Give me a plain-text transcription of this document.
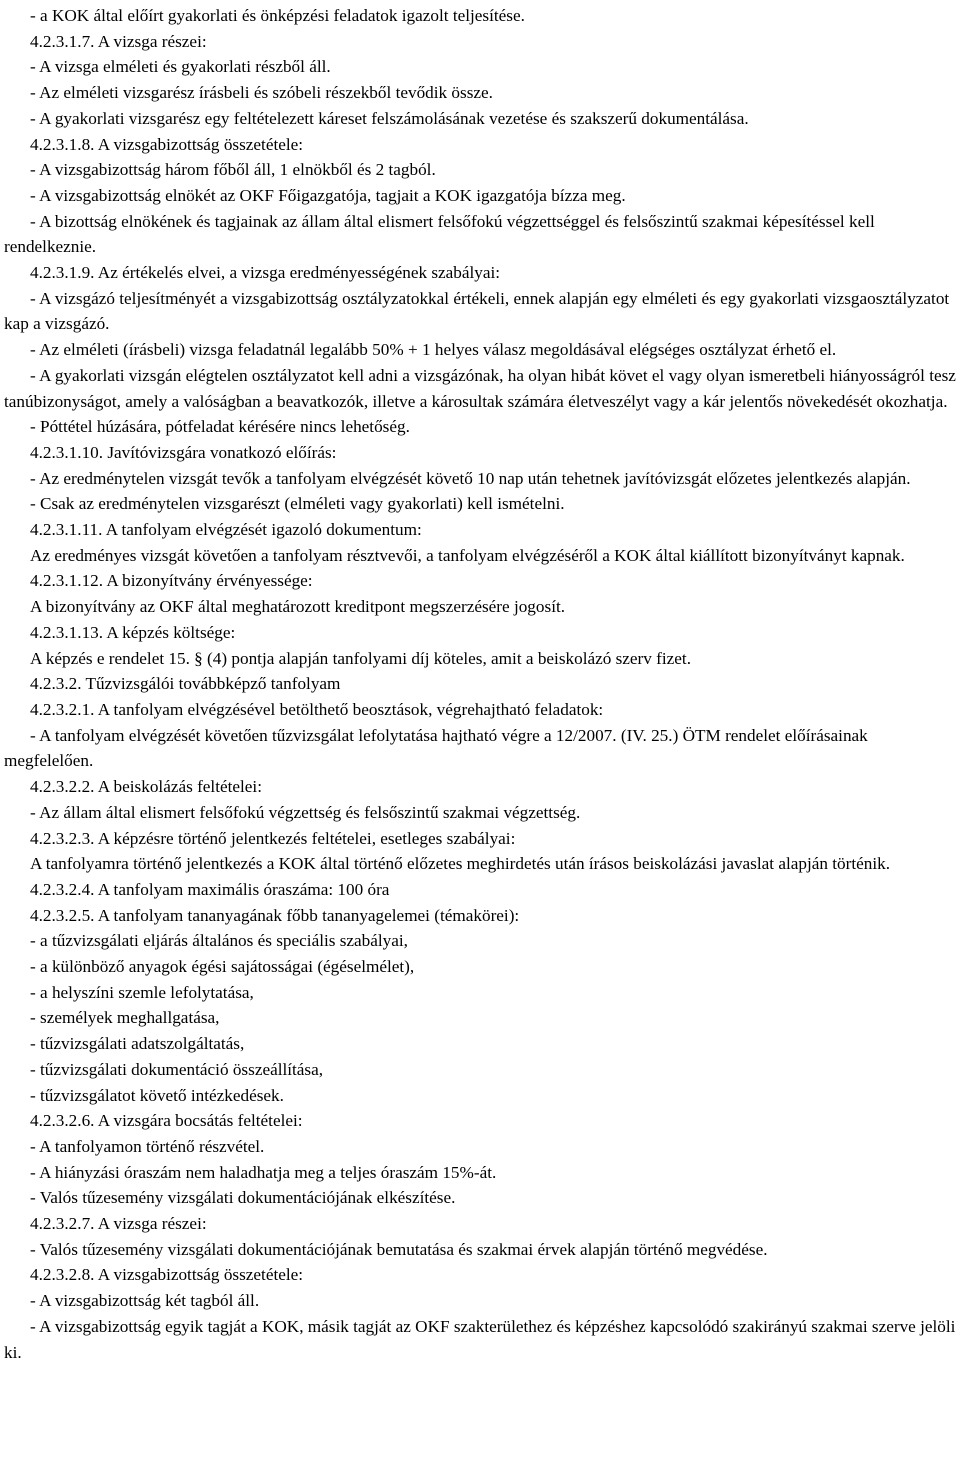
- a KOK által előírt gyakorlati és önképzési feladatok igazolt teljesítése.

4.2.3.1.7. A vizsga részei:

- A vizsga elméleti és gyakorlati részből áll.

- Az elméleti vizsgarész írásbeli és szóbeli részekből tevődik össze.

- A gyakorlati vizsgarész egy feltételezett káreset felszámolásának vezetése és szakszerű dokumentálása.

4.2.3.1.8. A vizsgabizottság összetétele:

- A vizsgabizottság három főből áll, 1 elnökből és 2 tagból.

- A vizsgabizottság elnökét az OKF Főigazgatója, tagjait a KOK igazgatója bízza meg.

- A bizottság elnökének és tagjainak az állam által elismert felsőfokú végzettséggel és felsőszintű szakmai képesítéssel kell rendelkeznie.

4.2.3.1.9. Az értékelés elvei, a vizsga eredményességének szabályai:

- A vizsgázó teljesítményét a vizsgabizottság osztályzatokkal értékeli, ennek alapján egy elméleti és egy gyakorlati vizsgaosztályzatot kap a vizsgázó.

- Az elméleti (írásbeli) vizsga feladatnál legalább 50% + 1 helyes válasz megoldásával elégséges osztályzat érhető el.

- A gyakorlati vizsgán elégtelen osztályzatot kell adni a vizsgázónak, ha olyan hibát követ el vagy olyan ismeretbeli hiányosságról tesz tanúbizonyságot, amely a valóságban a beavatkozók, illetve a károsultak számára életveszélyt vagy a kár jelentős növekedését okozhatja.

- Póttétel húzására, pótfeladat kérésére nincs lehetőség.

4.2.3.1.10. Javítóvizsgára vonatkozó előírás:

- Az eredménytelen vizsgát tevők a tanfolyam elvégzését követő 10 nap után tehetnek javítóvizsgát előzetes jelentkezés alapján.

- Csak az eredménytelen vizsgarészt (elméleti vagy gyakorlati) kell ismételni.

4.2.3.1.11. A tanfolyam elvégzését igazoló dokumentum:

Az eredményes vizsgát követően a tanfolyam résztvevői, a tanfolyam elvégzéséről a KOK által kiállított bizonyítványt kapnak.

4.2.3.1.12. A bizonyítvány érvényessége:

A bizonyítvány az OKF által meghatározott kreditpont megszerzésére jogosít.

4.2.3.1.13. A képzés költsége:

A képzés e rendelet 15. § (4) pontja alapján tanfolyami díj köteles, amit a beiskolázó szerv fizet.

4.2.3.2. Tűzvizsgálói továbbképző tanfolyam

4.2.3.2.1. A tanfolyam elvégzésével betölthető beosztások, végrehajtható feladatok:

- A tanfolyam elvégzését követően tűzvizsgálat lefolytatása hajtható végre a 12/2007. (IV. 25.) ÖTM rendelet előírásainak megfelelően.

4.2.3.2.2. A beiskolázás feltételei:

- Az állam által elismert felsőfokú végzettség és felsőszintű szakmai végzettség.

4.2.3.2.3. A képzésre történő jelentkezés feltételei, esetleges szabályai:

A tanfolyamra történő jelentkezés a KOK által történő előzetes meghirdetés után írásos beiskolázási javaslat alapján történik.

4.2.3.2.4. A tanfolyam maximális óraszáma: 100 óra

4.2.3.2.5. A tanfolyam tananyagának főbb tananyagelemei (témakörei):

- a tűzvizsgálati eljárás általános és speciális szabályai,

- a különböző anyagok égési sajátosságai (égéselmélet),

- a helyszíni szemle lefolytatása,

- személyek meghallgatása,

- tűzvizsgálati adatszolgáltatás,

- tűzvizsgálati dokumentáció összeállítása,

- tűzvizsgálatot követő intézkedések.

4.2.3.2.6. A vizsgára bocsátás feltételei:

- A tanfolyamon történő részvétel.

- A hiányzási óraszám nem haladhatja meg a teljes óraszám 15%-át.

- Valós tűzesemény vizsgálati dokumentációjának elkészítése.

4.2.3.2.7. A vizsga részei:

- Valós tűzesemény vizsgálati dokumentációjának bemutatása és szakmai érvek alapján történő megvédése.

4.2.3.2.8. A vizsgabizottság összetétele:

- A vizsgabizottság két tagból áll.

- A vizsgabizottság egyik tagját a KOK, másik tagját az OKF szakterülethez és képzéshez kapcsolódó szakirányú szakmai szerve jelöli ki.
